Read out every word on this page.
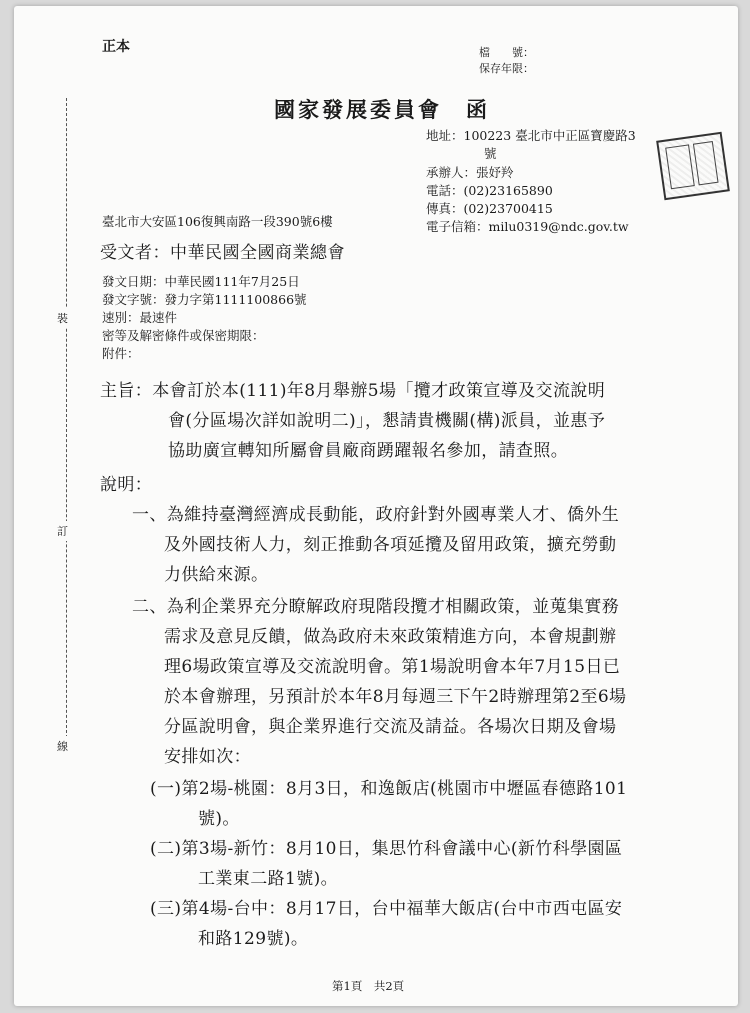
正本	檔　　號：
保存年限：
國家發展委員會　函
地址：100223 臺北市中正區寶慶路3
號
承辦人：張妤羚
電話：(02)23165890
傳真：(02)23700415
電子信箱：milu0319@ndc.gov.tw
臺北市大安區106復興南路一段390號6樓
受文者：中華民國全國商業總會
發文日期：中華民國111年7月25日
發文字號：發力字第1111100866號
速別：最速件
密等及解密條件或保密期限：
附件：
主旨：本會訂於本(111)年8月舉辦5場「攬才政策宣導及交流說明
會(分區場次詳如說明二)」，懇請貴機關(構)派員，並惠予
協助廣宣轉知所屬會員廠商踴躍報名參加，請查照。
說明：
一、為維持臺灣經濟成長動能，政府針對外國專業人才、僑外生
及外國技術人力，刻正推動各項延攬及留用政策，擴充勞動
力供給來源。
二、為利企業界充分瞭解政府現階段攬才相關政策，並蒐集實務
需求及意見反饋，做為政府未來政策精進方向，本會規劃辦
理6場政策宣導及交流說明會。第1場說明會本年7月15日已
於本會辦理，另預計於本年8月每週三下午2時辦理第2至6場
分區說明會，與企業界進行交流及請益。各場次日期及會場
安排如次：
(一)第2場-桃園：8月3日，和逸飯店(桃園市中壢區春德路101
號)。
(二)第3場-新竹：8月10日，集思竹科會議中心(新竹科學園區
工業東二路1號)。
(三)第4場-台中：8月17日，台中福華大飯店(台中市西屯區安
和路129號)。
裝
訂
線
第1頁　共2頁
